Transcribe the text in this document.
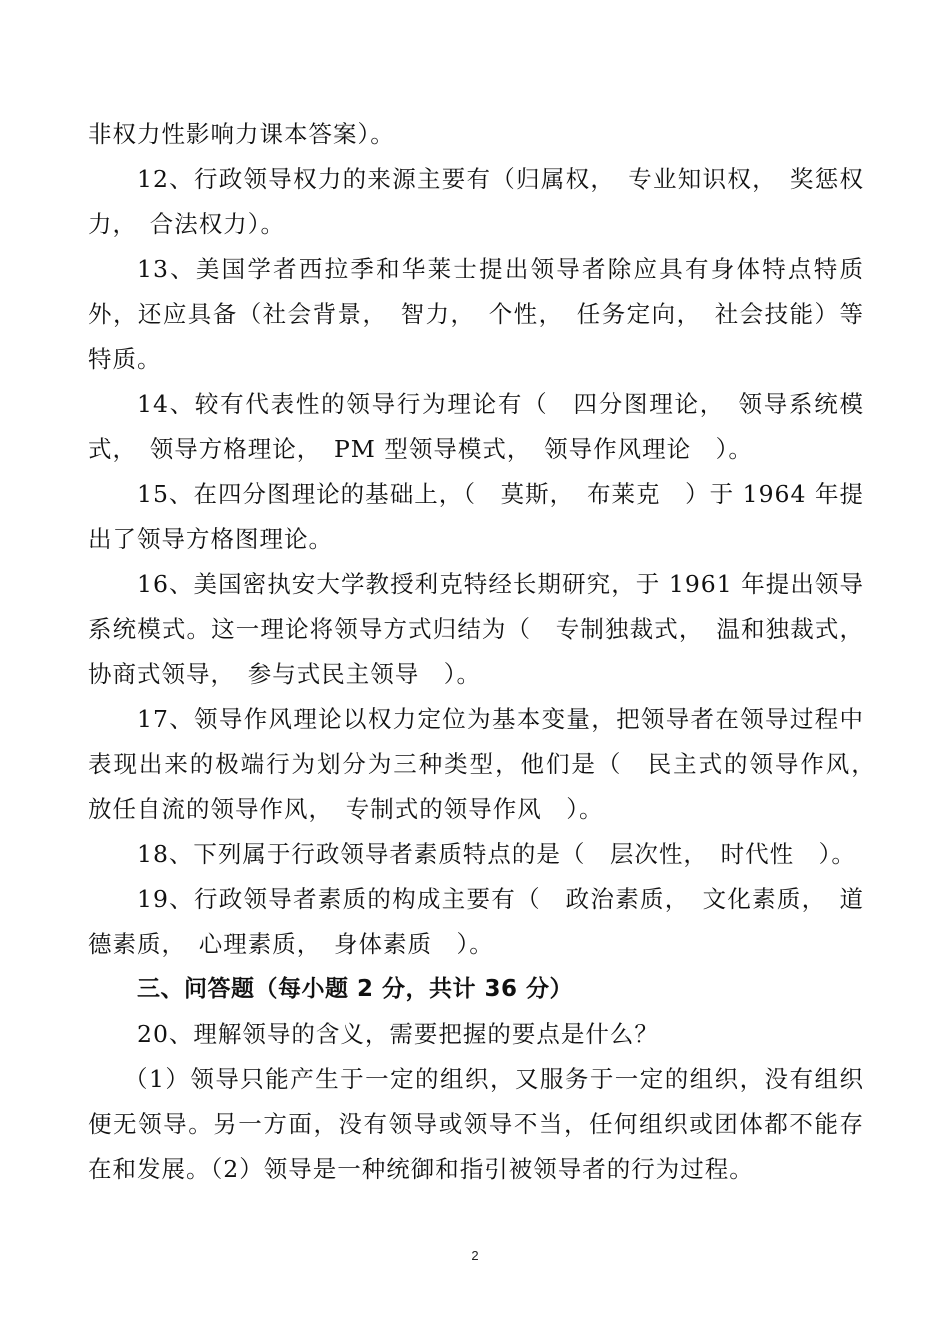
非权力性影响力课本答案）。

12、行政领导权力的来源主要有（归属权，　专业知识权，　奖惩权力，　合法权力）。

13、美国学者西拉季和华莱士提出领导者除应具有身体特点特质外，还应具备（社会背景，　智力，　个性，　任务定向，　社会技能）等特质。

14、较有代表性的领导行为理论有（　四分图理论，　领导系统模式，　领导方格理论，　PM 型领导模式，　领导作风理论　）。

15、在四分图理论的基础上，（　莫斯，　布莱克　）于 1964 年提出了领导方格图理论。

16、美国密执安大学教授利克特经长期研究，于 1961 年提出领导系统模式。这一理论将领导方式归结为（　专制独裁式，　温和独裁式，协商式领导，　参与式民主领导　）。

17、领导作风理论以权力定位为基本变量，把领导者在领导过程中表现出来的极端行为划分为三种类型，他们是（　民主式的领导作风，　放任自流的领导作风，　专制式的领导作风　）。

18、下列属于行政领导者素质特点的是（　层次性，　时代性　）。

19、行政领导者素质的构成主要有（　政治素质，　文化素质，　道德素质，　心理素质，　身体素质　）。

三、问答题（每小题 2 分，共计 36 分）

20、理解领导的含义，需要把握的要点是什么？

（1）领导只能产生于一定的组织，又服务于一定的组织，没有组织便无领导。另一方面，没有领导或领导不当，任何组织或团体都不能存在和发展。（2）领导是一种统御和指引被领导者的行为过程。

2
